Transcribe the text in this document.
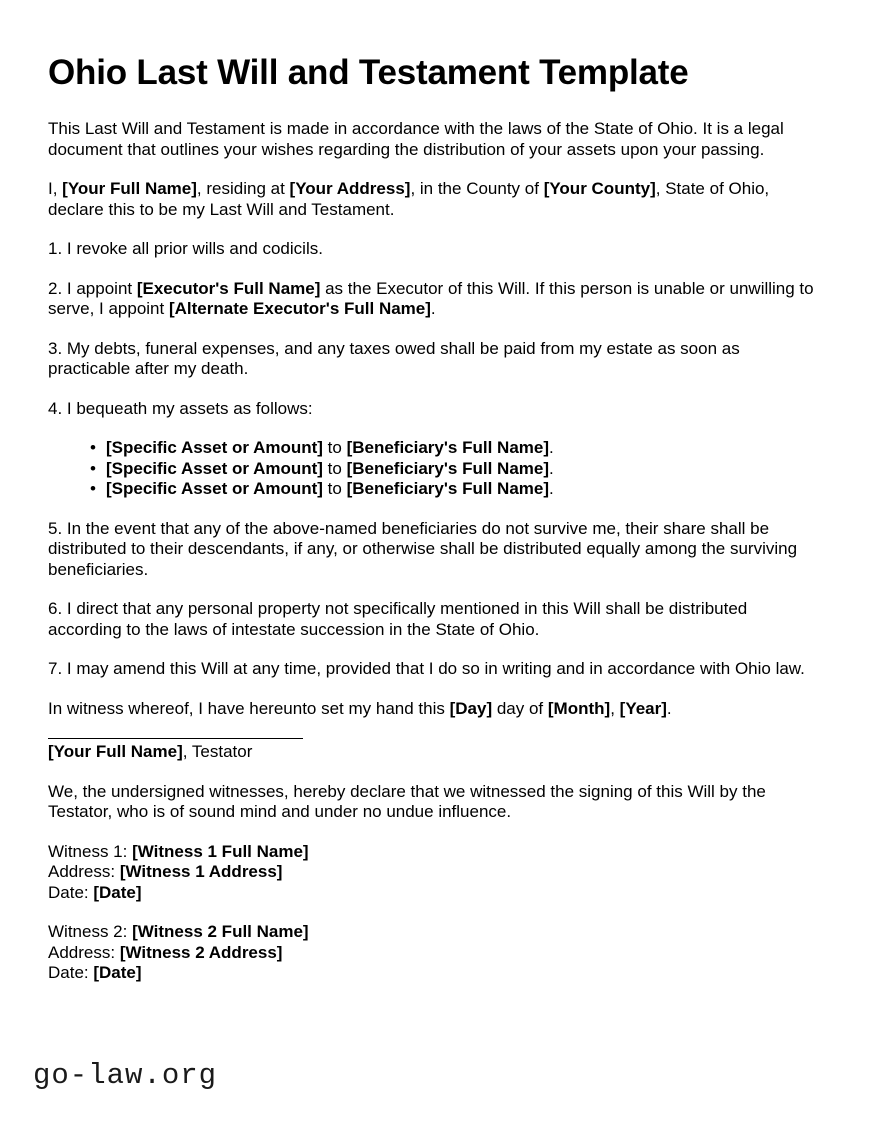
Ohio Last Will and Testament Template

This Last Will and Testament is made in accordance with the laws of the State of Ohio. It is a legal document that outlines your wishes regarding the distribution of your assets upon your passing.

I, [Your Full Name], residing at [Your Address], in the County of [Your County], State of Ohio, declare this to be my Last Will and Testament.

1. I revoke all prior wills and codicils.

2. I appoint [Executor's Full Name] as the Executor of this Will. If this person is unable or unwilling to serve, I appoint [Alternate Executor's Full Name].

3. My debts, funeral expenses, and any taxes owed shall be paid from my estate as soon as practicable after my death.

4. I bequeath my assets as follows:

• [Specific Asset or Amount] to [Beneficiary's Full Name].
• [Specific Asset or Amount] to [Beneficiary's Full Name].
• [Specific Asset or Amount] to [Beneficiary's Full Name].

5. In the event that any of the above-named beneficiaries do not survive me, their share shall be distributed to their descendants, if any, or otherwise shall be distributed equally among the surviving beneficiaries.

6. I direct that any personal property not specifically mentioned in this Will shall be distributed according to the laws of intestate succession in the State of Ohio.

7. I may amend this Will at any time, provided that I do so in writing and in accordance with Ohio law.

In witness whereof, I have hereunto set my hand this [Day] day of [Month], [Year].

[Your Full Name], Testator

We, the undersigned witnesses, hereby declare that we witnessed the signing of this Will by the Testator, who is of sound mind and under no undue influence.

Witness 1: [Witness 1 Full Name]
Address: [Witness 1 Address]
Date: [Date]
Witness 2: [Witness 2 Full Name]
Address: [Witness 2 Address]
Date: [Date]
go-law.org
